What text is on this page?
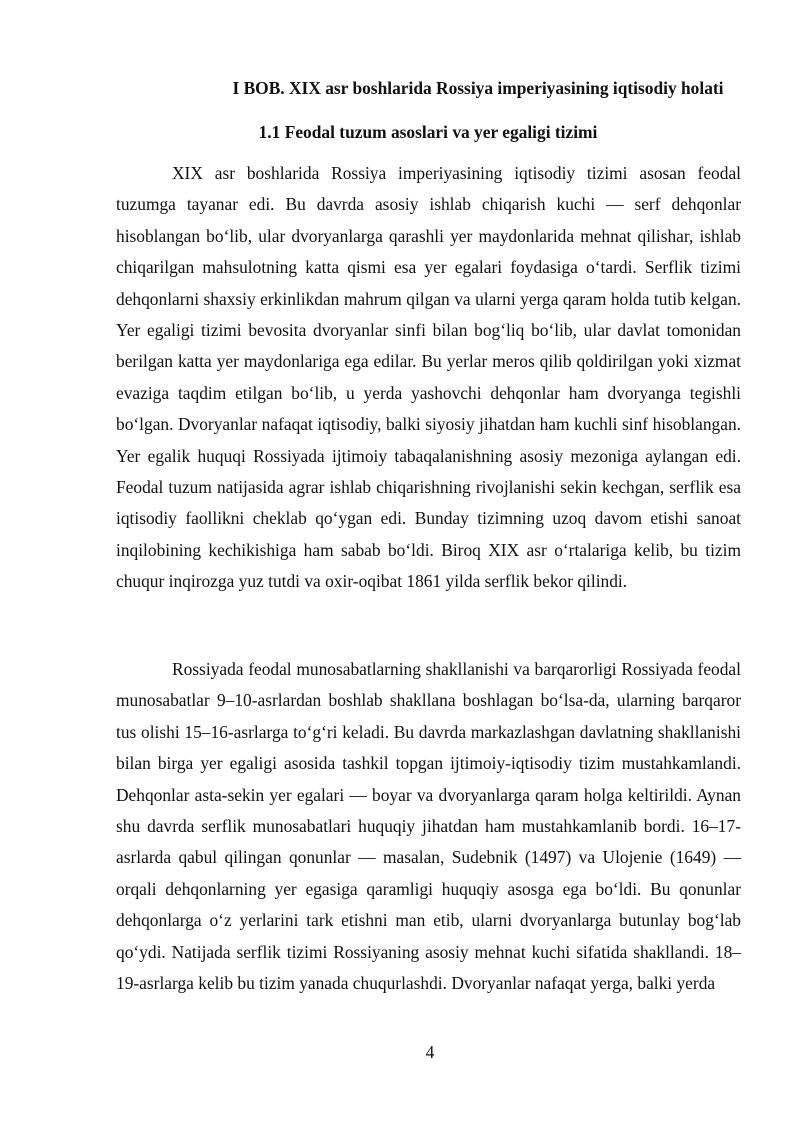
I BOB. XIX asr boshlarida Rossiya imperiyasining iqtisodiy holati
1.1 Feodal tuzum asoslari va yer egaligi tizimi

XIX asr boshlarida Rossiya imperiyasining iqtisodiy tizimi asosan feodal tuzumga tayanar edi. Bu davrda asosiy ishlab chiqarish kuchi — serf dehqonlar hisoblangan bo‘lib, ular dvoryanlarga qarashli yer maydonlarida mehnat qilishar, ishlab chiqarilgan mahsulotning katta qismi esa yer egalari foydasiga o‘tardi. Serflik tizimi dehqonlarni shaxsiy erkinlikdan mahrum qilgan va ularni yerga qaram holda tutib kelgan. Yer egaligi tizimi bevosita dvoryanlar sinfi bilan bog‘liq bo‘lib, ular davlat tomonidan berilgan katta yer maydonlariga ega edilar. Bu yerlar meros qilib qoldirilgan yoki xizmat evaziga taqdim etilgan bo‘lib, u yerda yashovchi dehqonlar ham dvoryanga tegishli bo‘lgan. Dvoryanlar nafaqat iqtisodiy, balki siyosiy jihatdan ham kuchli sinf hisoblangan. Yer egalik huquqi Rossiyada ijtimoiy tabaqalanishning asosiy mezoniga aylangan edi. Feodal tuzum natijasida agrar ishlab chiqarishning rivojlanishi sekin kechgan, serflik esa iqtisodiy faollikni cheklab qo‘ygan edi. Bunday tizimning uzoq davom etishi sanoat inqilobining kechikishiga ham sabab bo‘ldi. Biroq XIX asr o‘rtalariga kelib, bu tizim chuqur inqirozga yuz tutdi va oxir-oqibat 1861 yilda serflik bekor qilindi.

Rossiyada feodal munosabatlarning shakllanishi va barqarorligi Rossiyada feodal munosabatlar 9–10-asrlardan boshlab shakllana boshlagan bo‘lsa-da, ularning barqaror tus olishi 15–16-asrlarga to‘g‘ri keladi. Bu davrda markazlashgan davlatning shakllanishi bilan birga yer egaligi asosida tashkil topgan ijtimoiy-iqtisodiy tizim mustahkamlandi. Dehqonlar asta-sekin yer egalari — boyar va dvoryanlarga qaram holga keltirildi. Aynan shu davrda serflik munosabatlari huquqiy jihatdan ham mustahkamlanib bordi. 16–17-asrlarda qabul qilingan qonunlar — masalan, Sudebnik (1497) va Ulojenie (1649) — orqali dehqonlarning yer egasiga qaramligi huquqiy asosga ega bo‘ldi. Bu qonunlar dehqonlarga o‘z yerlarini tark etishni man etib, ularni dvoryanlarga butunlay bog‘lab qo‘ydi. Natijada serflik tizimi Rossiyaning asosiy mehnat kuchi sifatida shakllandi. 18–19-asrlarga kelib bu tizim yanada chuqurlashdi. Dvoryanlar nafaqat yerga, balki yerda

4
